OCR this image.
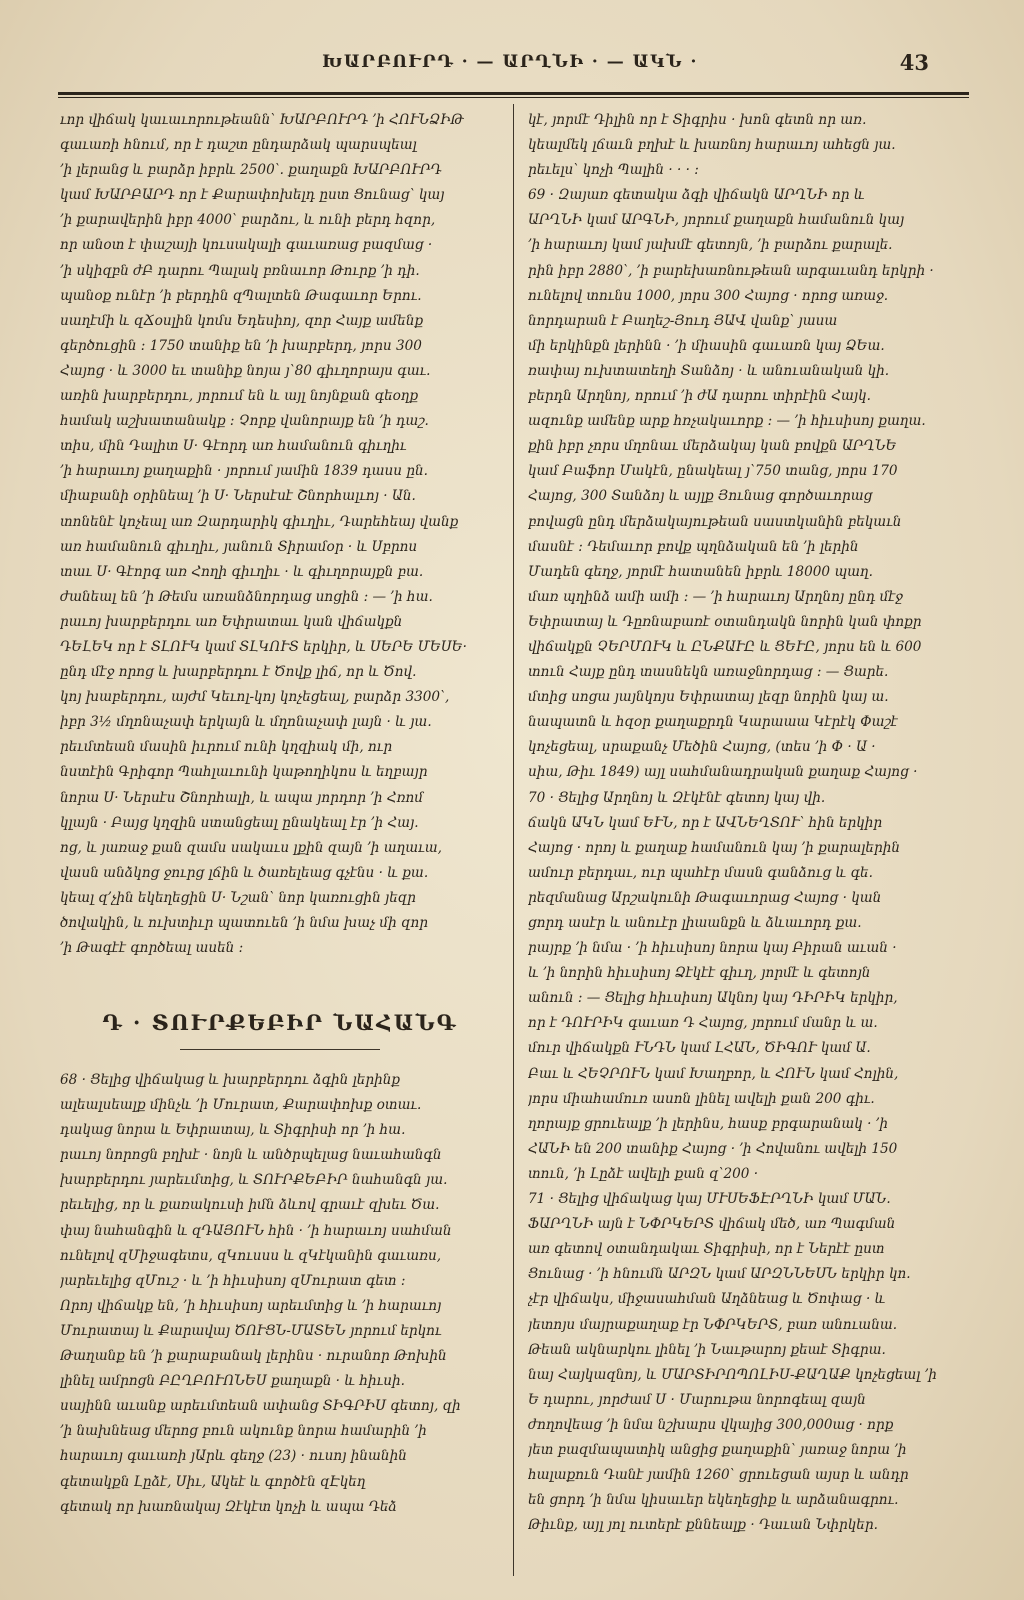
ԽԱՐԲՈՒՐԴ · — ԱՐՂՆԻ · — ԱԿՆ ·	43
ւոր վիճակ կաւաւորութեանն՝ ԽԱՐԲՈՒՐԴ ՚ի ՀՈՒՆՁԻԹ
գաւառի հնում, որ է դաշտ ընդարձակ պարսպեալ
՚ի լերանց և բարձր իբրև 2500՝. քաղաքն ԽԱՐԲՈՒՐԴ
կամ ԽԱՐԲԱՐԴ որ է Քարափոխելդ ըստ Ցունաց՝ կայ
՚ի քարավերին իբր 4000՝ բարձու, և ունի բերդ հզոր,
որ անօտ է փաշայի կուսակալի գաւառաց բազմաց ·
՚ի սկիզբն ժԲ դարու Պալակ բռնաւոր Թուրք ՚ի դի.
պանօք ունէր ՚ի բերդին զՊալտեն Թագաւոր Երու.
սաղէմի և զՃօսլին կոմս Եդեսիոյ, զոր Հայք ամենք
գերծուցին : 1750 տանիք են ՚ի խարբերդ, յորս 300
Հայոց · և 3000 եւ տանիք նոյա յ՝80 գիւղորայս գաւ.
առին խարբերդու, յորում են և այլ նոյնքան գեօղք
համակ աշխատանակք : Չորք վանորայք են ՚ի դաշ.
տիս, մին Դալիտ Ս· Գէորդ առ համանուն գիւղիւ
՚ի հարաւոյ քաղաքին · յորում յամին 1839 դասս ըն.
միաբանի օրինեալ ՚ի Ս· Ներսէսէ Շնորհալւոյ · Ան.
տոնենէ կոչեալ առ Զարդարիկ գիւղիւ, Դարեհեայ վանք
առ համանուն գիւղիւ, յանուն Տիրամօր · և Սբրոս
տաւ Ս· Գէորգ առ Հողի գիւղիւ · և գիւղորայքն բա.
ժանեալ են ՚ի Թեմս առանձնորդաց սոցին : — ՚ի հա.
րաւոյ խարբերդու առ Եփրատաւ կան վիճակքն
ԴԵԼԵԿ որ է ՏԼՈՒԿ կամ ՏԼԿՈՒՏ երկիր, և ՍԵՐԵ ՄԵՍԵ·
ընդ մէջ որոց և խարբերդու է Ծովք լիճ, որ և Ծով.
կոյ խաբերդու, այժմ Կեւոլ-կոյ կոչեցեալ, բարձր 3300՝,
իբր 3½ մղոնաչափ երկայն և մղոնաչափ լայն · և յա.
րեւմտեան մասին իւրում ունի կղզիակ մի, ուր
նստէին Գրիգոր Պահլաւունի կաթողիկոս և եղբայր
նորա Ս· Ներսէս Շնորհալի, և ապա յորդոր ՚ի Հռոմ
կլայն · Բայց կղզին ստանցեալ ընակեալ էր ՚ի Հայ.
ոց, և յառաջ քան զամս սակաւս լքին զայն ՚ի աղաւա,
վասն անձկոց ջուրց լճին և ծառելեաց գչէնս · և քա.
կեալ զ՚չին եկեղեցին Ս· Նշան՝ նոր կառուցին յեզր
ծովակին, և ուխտիւր պատուեն ՚ի նմա խաչ մի զոր
՚ի Թագէէ գործեալ ասեն :
Դ · ՏՈՒՐՔԵԲԻՐ ՆԱՀԱՆԳ
68 · Ցելից վիճակաց և խարբերդու ձգին լերինք
ալեալսեալք մինչև ՚ի Մուրատ, Քարափոխք օտաւ.
դակաց նորա և Եփրատայ, և Տիգրիսի որ ՚ի հա.
րաւոյ նորոցն բղխէ · նոյն և անծրպելաց նաւահանգն
խարբերդու յարեւմտից, և ՏՈՒՐՔԵԲԻՐ նահանգն յա.
րեւելից, որ և քառակուսի իմն ձևով գրաւէ զխեւ Ծա.
փայ նահանգին և զԴԱՅՈՒՆ հին · ՚ի հարաւոյ սահման
ունելով զՄիջագետս, զԿուսսս և զԿէկանին գաւառս,
յարեւելից զՄուշ · և ՚ի հիւսիսոյ զՄուրատ գետ :
Որոյ վիճակք են, ՚ի հիւսիսոյ արեւմտից և ՚ի հարաւոյ
Մուրատայ և Քարավայ ԾՈՒՑՆ-ՄԱՏԵՆ յորում երկու
Թաղանք են ՚ի քարաբանակ լերինս · ուրանոր Թոխին
լինել ամրոցն ԲԸՂԲՈՒՈՆԵՍ քաղաքն · և հիւսի.
սայինն աւանք արեւմտեան ափանց ՏԻԳՐԻՍ գետոյ, զի
՚ի նախնեաց մերոց բուն ակունք նորա համարին ՚ի
հարաւոյ գաւառի յԱրև գեղջ (23) · ուսոյ ինանին
գետակքն Լըձէ, Սիւ, Ակեէ և գործէն զԷկեղ
գետակ որ խառնակայ Զէկէտ կոչի և ապա Դեձ
կէ, յորմէ Դիլին որ է Տիգրիս · խոն գետն որ առ.
կեալմեկ լճաւն բղխէ և խառնոյ հարաւոյ ահեցն յա.
րեւելս՝ կոչի Պալին · · · :
69 · Զայառ գետակա ձգի վիճակն ԱՐՂՆԻ որ և
ԱՐՂՆԻ կամ ԱՐԳՆԻ, յորում քաղաքն համանուն կայ
՚ի հարաւոյ կամ յախմէ գետոյն, ՚ի բարձու քարալե.
րին իբր 2880՝, ՚ի բարեխառնութեան արգաւանդ երկրի ·
ունելով տունս 1000, յորս 300 Հայոց · որոց առաջ.
նորդարան է Բաղեշ-Յուդ ՅԱՎ վանք՝ յասա
մի երկինքն լերինն · ՚ի միասին գաւառն կայ ՁԵա.
ռափայ ուխտատեղի Տանձոյ · և անուանական կի.
բերդն Արղնոյ, որում ՚ի ժԱ դարու տիրէին Հայկ.
ազունք ամենք արք հռչակաւորք : — ՚ի հիւսիսոյ քաղա.
քին իբր չորս մղոնաւ մերձակայ կան բովքն ԱՐՂՆԵ
կամ Բաֆոր Մակէն, ընակեալ յ՝750 տանց, յորս 170
Հայոց, 300 Տանձոյ և այլք Յունաց գործաւորաց
բովացն ընդ մերձակայութեան սաստկանին բեկաւն
մասնէ : Դեմաւոր բովք պղնձական են ՚ի լերին
Մադեն գեղջ, յորմէ հատանեն իբրև 18000 պաղ.
մառ պղինձ ամի ամի : — ՚ի հարաւոյ Արղնոյ ընդ մէջ
Եփրատայ և Դըռնաբառէ օտանդակն նորին կան փոքր
վիճակքն ՉԵՐՄՈՒԿ և ԸՆՔԱՒԸ և ՑԵՒԸ, յորս են և 600
տուն Հայք ընդ տասնեկն առաջնորդաց : — Ցարե.
մտից սոցա յայնկոյս Եփրատայ լեզր նորին կայ ա.
նապատն և հզօր քաղաքրդն Կարաաա Կէրէկ Փաշէ
կոչեցեալ, սրաքանչ Մեծին Հայոց, (տես ՚ի Փ · Ա ·
սիա, Թիւ 1849) այլ սահմանադրական քաղաք Հայոց ·
70 · Ցելից Արղնոյ և Զէկէնէ գետոյ կայ վի.
ճակն ԱԿՆ կամ ԵՒՆ, որ է ԱՎՆԵՂՏՈՒ՝ հին երկիր
Հայոց · որոյ և քաղաք համանուն կայ ՚ի քարալերին
ամուր բերդաւ, ուր պահէր մասն գանձուց և գե.
րեզմանաց Արշակունի Թագաւորաց Հայոց · կան
ցորդ ասէր և անուէր լիաանքն և ձևաւորդ քա.
րայրք ՚ի նմա · ՚ի հիւսիսոյ նորա կայ Բիրան աւան ·
և ՚ի նորին հիւսիսոյ Ձէկէէ գիւղ, յորմէ և գետոյն
անուն : — Ցելից հիւսիսոյ Ակնոյ կայ ԴԻՐԻԿ երկիր,
որ է ԴՈՒՐԻԿ գաւառ Դ Հայոց, յորում մանր և ա.
մուր վիճակքն ՒՆԴՆ կամ ԼՀԱՆ, ԾԻԳՈՒ կամ Ա.
Բաւ և ՀԵՉՐՈՒՆ կամ Խաղբոր, և ՀՈՒՆ կամ Հոլին,
յորս միահամուռ ասոն լինել ավելի քան 200 գիւ.
ղորայք ցրուեալք ՚ի լերինս, հասք բրգարանակ · ՚ի
ՀԱՆԻ են 200 տանիք Հայոց · ՚ի Հովանու ավելի 150
տուն, ՚ի Լըձէ ավելի քան զ՝200 ·
71 · Ցելից վիճակաց կայ ՄՒՍԵՖԷՐՂՆԻ կամ ՄԱՆ.
ՖԱՐՂՆԻ այն է ՆՓՐԿԵՐՏ վիճակ մեծ, առ Պագման
առ գետով օտանդակաւ Տիգրիսի, որ է Ներէէ ըստ
Ցունաց · ՚ի հնումն ԱՐԶՆ կամ ԱՐԶՆՆԵՍՆ երկիր կո.
չէր վիճակս, միջասահման Աղձնեաց և Ծոփաց · և
յետոյս մայրաքաղաք էր ՆՓՐԿԵՐՏ, բառ անուանա.
Թեան ակնարկու լինել ՚ի Նաւթարոյ քեաէ Տիգրա.
նայ Հայկազնոյ, և ՄԱՐՏԻՐՈՊՈԼԻՍ-ՔԱՂԱՔ կոչեցեալ ՚ի
Ե դարու, յորժամ Ս · Մարութա նորոգեալ զայն
ժողովեաց ՚ի նմա նշխարս վկայից 300,000աց · որք
յետ բազմապատիկ անցից քաղաքին՝ յառաջ նորա ՚ի
հալաքուն Դանէ յամին 1260՝ ցրուեցան այսր և անդր
են ցորդ ՚ի նմա կիսաւեր եկեղեցիք և արձանագրու.
Թիւնք, այլ յոլ ուտերէ քննեալք · Դաւան Նփրկեր.
